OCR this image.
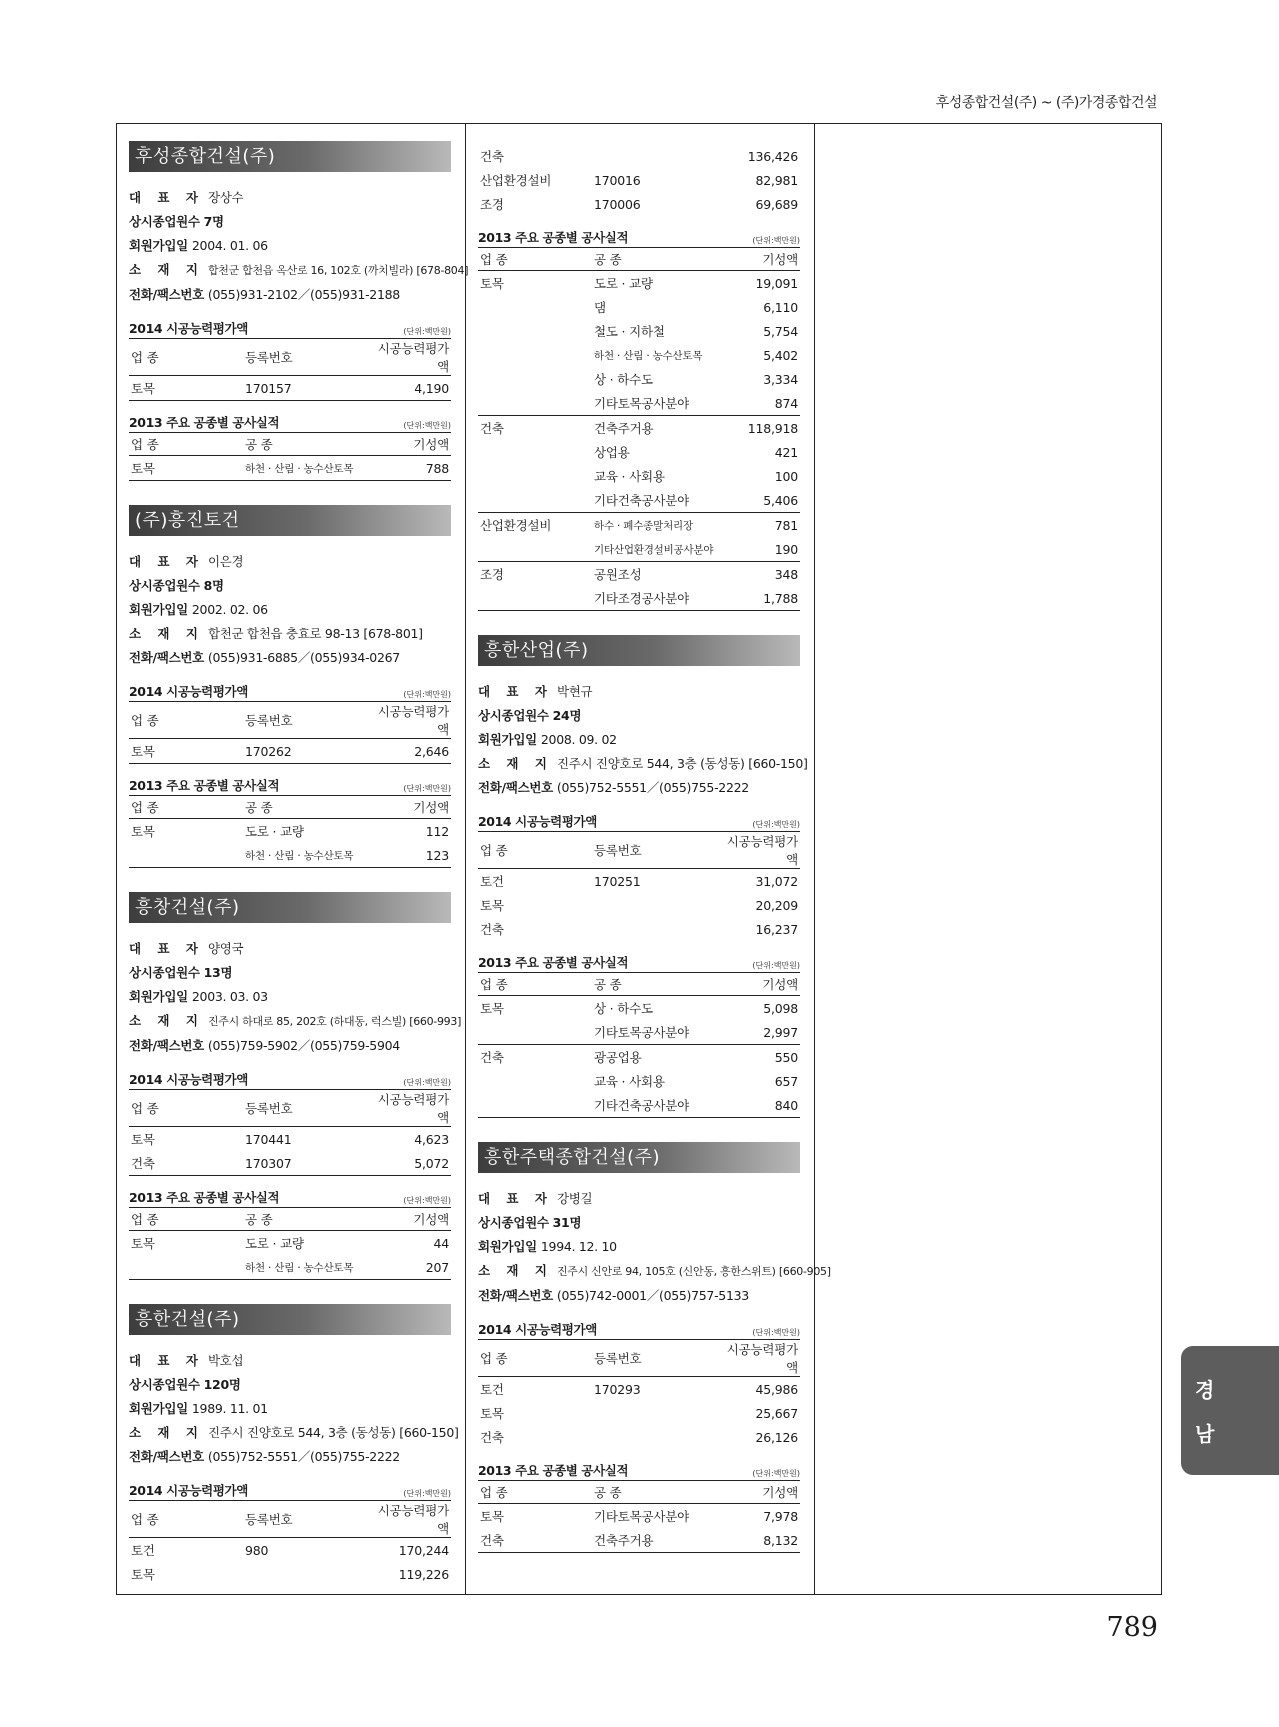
후성종합건설(주) ~ (주)가경종합건설
후성종합건설(주)
대 표 자 장상수
상시종업원수 7명
회원가입일 2004. 01. 06
소 재 지 합천군 합천읍 옥산로 16, 102호 (까치빌라) [678-804]
전화/팩스번호 (055)931-2102／(055)931-2188
2014 시공능력평가액	(단위:백만원)
업 종	등록번호	시공능력평가액
토목	170157	4,190
2013 주요 공종별 공사실적	(단위:백만원)
업 종	공 종	기성액
토목	하천 · 산림 · 농수산토목	788
(주)흥진토건
대 표 자 이은경
상시종업원수 8명
회원가입일 2002. 02. 06
소 재 지 합천군 합천읍 충효로 98-13 [678-801]
전화/팩스번호 (055)931-6885／(055)934-0267
2014 시공능력평가액	(단위:백만원)
업 종	등록번호	시공능력평가액
토목	170262	2,646
2013 주요 공종별 공사실적	(단위:백만원)
업 종	공 종	기성액
토목	도로 · 교량	112
	하천 · 산림 · 농수산토목	123
흥창건설(주)
대 표 자 양영국
상시종업원수 13명
회원가입일 2003. 03. 03
소 재 지 진주시 하대로 85, 202호 (하대동, 럭스빌) [660-993]
전화/팩스번호 (055)759-5902／(055)759-5904
2014 시공능력평가액	(단위:백만원)
업 종	등록번호	시공능력평가액
토목	170441	4,623
건축	170307	5,072
2013 주요 공종별 공사실적	(단위:백만원)
업 종	공 종	기성액
토목	도로 · 교량	44
	하천 · 산림 · 농수산토목	207
흥한건설(주)
대 표 자 박호섭
상시종업원수 120명
회원가입일 1989. 11. 01
소 재 지 진주시 진양호로 544, 3층 (동성동) [660-150]
전화/팩스번호 (055)752-5551／(055)755-2222
2014 시공능력평가액	(단위:백만원)
업 종	등록번호	시공능력평가액
토건	980	170,244
토목		119,226
건축		136,426
산업환경설비	170016	82,981
조경	170006	69,689
2013 주요 공종별 공사실적	(단위:백만원)
업 종	공 종	기성액
토목	도로 · 교량	19,091
	댐	6,110
	철도 · 지하철	5,754
	하천 · 산림 · 농수산토목	5,402
	상 · 하수도	3,334
	기타토목공사분야	874
건축	건축주거용	118,918
	상업용	421
	교육 · 사회용	100
	기타건축공사분야	5,406
산업환경설비	하수 · 폐수종말처리장	781
	기타산업환경설비공사분야	190
조경	공원조성	348
	기타조경공사분야	1,788
흥한산업(주)
대 표 자 박현규
상시종업원수 24명
회원가입일 2008. 09. 02
소 재 지 진주시 진양호로 544, 3층 (동성동) [660-150]
전화/팩스번호 (055)752-5551／(055)755-2222
2014 시공능력평가액	(단위:백만원)
업 종	등록번호	시공능력평가액
토건	170251	31,072
토목		20,209
건축		16,237
2013 주요 공종별 공사실적	(단위:백만원)
업 종	공 종	기성액
토목	상 · 하수도	5,098
	기타토목공사분야	2,997
건축	광공업용	550
	교육 · 사회용	657
	기타건축공사분야	840
흥한주택종합건설(주)
대 표 자 강병길
상시종업원수 31명
회원가입일 1994. 12. 10
소 재 지 진주시 신안로 94, 105호 (신안동, 흥한스위트) [660-905]
전화/팩스번호 (055)742-0001／(055)757-5133
2014 시공능력평가액	(단위:백만원)
업 종	등록번호	시공능력평가액
토건	170293	45,986
토목		25,667
건축		26,126
2013 주요 공종별 공사실적	(단위:백만원)
업 종	공 종	기성액
토목	기타토목공사분야	7,978
건축	건축주거용	8,132
경
남
789
